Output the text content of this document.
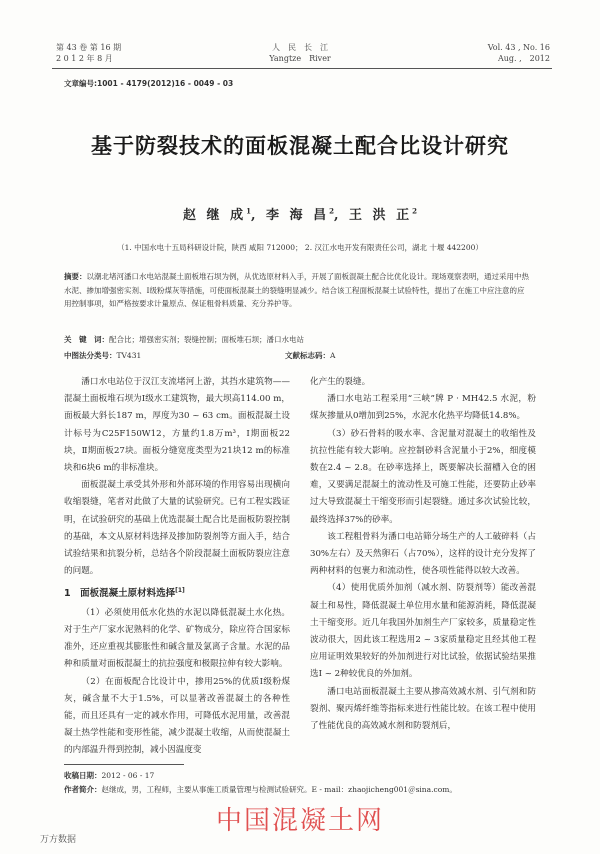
第 43 卷 第 16 期
2 0 1 2 年 8 月
人　民　长　江
Yangtze　River
Vol. 43 , No. 16
Aug. ,　2012
文章编号:1001 - 4179(2012)16 - 0049 - 03
基于防裂技术的面板混凝土配合比设计研究
赵 继 成$^1$, 李 海 昌$^2$, 王 洪 正$^2$
（1. 中国水电十五局科研设计院，陕西 咸阳 712000； 2. 汉江水电开发有限责任公司，湖北 十堰 442200）
摘要：以潮北堵河潘口水电站混凝土面板堆石坝为例，从优选原材料入手，开展了面板混凝土配合比优化设计。现场观察表明，通过采用中热水泥、掺加增强密实剂、Ⅰ级粉煤灰等措施，可使面板混凝土的裂缝明显减少。结合该工程面板混凝土试验特性，提出了在施工中应注意的应用控制事项，如严格按要求计量原点、保证粗骨料质量、充分养护等。
关　键　词：配合比；增强密实剂；裂缝控制；面板堆石坝；潘口水电站
中图法分类号：TV431	文献标志码：A

潘口水电站位于汉江支流堵河上游，其挡水建筑物——混凝土面板堆石坝为Ⅰ级水工建筑物，最大坝高114.00 m，面板最大斜长187 m，厚度为30 ~ 63 cm。面板混凝土设计标号为C25F150W12，方量约1.8万m³，Ⅰ期面板22块，Ⅱ期面板27块。面板分缝宽度类型为21块12 m的标准块和6块6 m的非标准块。

面板混凝土承受其外形和外部环境的作用容易出现横向收缩裂缝，笔者对此做了大量的试验研究。已有工程实践证明，在试验研究的基础上优选混凝土配合比是面板防裂控制的基础，本文从原材料选择及掺加防裂剂等方面入手，结合试验结果和抗裂分析，总结各个阶段混凝土面板防裂应注意的问题。

1　面板混凝土原材料选择[1]

（1）必须使用低水化热的水泥以降低混凝土水化热。对于生产厂家水泥熟料的化学、矿物成分，除应符合国家标准外，还应重视其膨胀性和碱含量及氯离子含量。水泥的品种和质量对面板混凝土的抗拉强度和极限拉伸有较大影响。

（2）在面板配合比设计中，掺用25%的优质Ⅰ级粉煤灰，碱含量不大于1.5%，可以显著改善混凝土的各种性能，而且还具有一定的减水作用，可降低水泥用量，改善混凝土热学性能和变形性能，减少混凝土收缩，从而使混凝土的内部温升得到控制，减小因温度变

化产生的裂缝。

潘口水电站工程采用“三峡”牌 P · MH42.5 水泥，粉煤灰掺量从0增加到25%，水泥水化热平均降低14.8%。

（3）砂石骨料的吸水率、含泥量对混凝土的收缩性及抗拉性能有较大影响。应控制砂料含泥量小于2%，细度模数在2.4 ~ 2.8。在砂率选择上，既要解决长溜槽入仓的困难，又要满足混凝土的流动性及可施工性能，还要防止砂率过大导致混凝土干缩变形而引起裂缝。通过多次试验比较，最终选择37%的砂率。

该工程粗骨料为潘口电站筛分场生产的人工破碎料（占30%左右）及天然卵石（占70%），这样的设计充分发挥了两种材料的包裹力和流动性，使各项性能得以较大改善。

（4）使用优质外加剂（减水剂、防裂剂等）能改善混凝土和易性，降低混凝土单位用水量和能源消耗，降低混凝土干缩变形。近几年我国外加剂生产厂家较多，质量稳定性波动很大，因此该工程选用2 ~ 3家质量稳定且经其他工程应用证明效果较好的外加剂进行对比试验，依据试验结果推选Ⅰ ~ 2种较优良的外加剂。

潘口电站面板混凝土主要从掺高效减水剂、引气剂和防裂剂、聚丙烯纤维等指标来进行性能比较。在该工程中使用了性能优良的高效减水剂和防裂剂后，

收稿日期：2012 - 06 - 17
作者简介：赵继成，男，工程师，主要从事施工质量管理与检测试验研究。E - mail：zhaojicheng001＠sina.com。
中国混凝土网
万方数据
